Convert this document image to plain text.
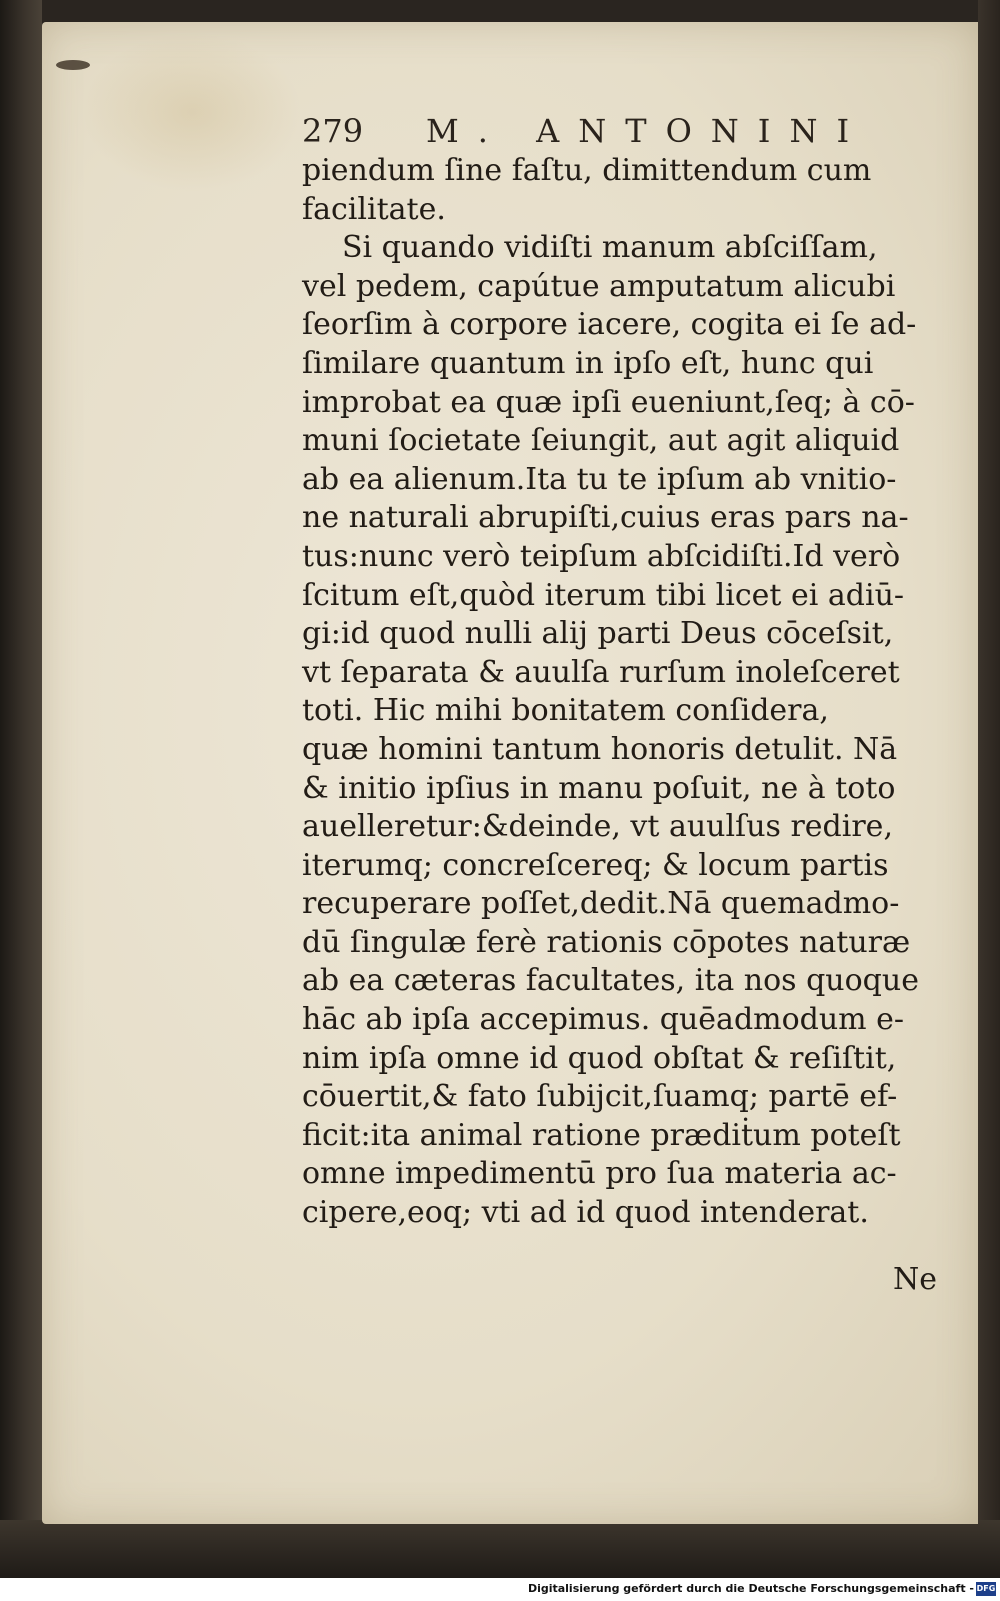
279 M. ANTONINI
piendum ſine faſtu, dimittendum cum
facilitate.
Si quando vidiſti manum abſciſſam,
vel pedem, capútue amputatum alicubi
ſeorſim à corpore iacere, cogita ei ſe ad-
ſimilare quantum in ipſo eſt, hunc qui
improbat ea quæ ipſi eueniunt,ſeq; à cō-
muni ſocietate ſeiungit, aut agit aliquid
ab ea alienum.Ita tu te ipſum ab vnitio-
ne naturali abrupiſti,cuius eras pars na-
tus:nunc verò teipſum abſcidiſti.Id verò
ſcitum eſt,quòd iterum tibi licet ei adiū-
gi:id quod nulli alij parti Deus cōceſsit,
vt ſeparata & auulſa rurſum inoleſceret
toti. Hic mihi bonitatem conſidera,
quæ homini tantum honoris detulit. Nā
& initio ipſius in manu poſuit, ne à toto
auelleretur:&deinde, vt auulſus redire,
iterumq; concreſcereq; & locum partis
recuperare poſſet,dedit.Nā quemadmo-
dū ſingulæ ferè rationis cōpotes naturæ
ab ea cæteras facultates, ita nos quoque
hāc ab ipſa accepimus. quēadmodum e-
nim ipſa omne id quod obſtat & reſiſtit,
cōuertit,& fato ſubijcit,ſuamq; partē ef-
ficit:ita animal ratione prædiṫum poteſt
omne impedimentū pro ſua materia ac-
cipere,eoq; vti ad id quod intenderat.
Ne
Digitalisierung gefördert durch die Deutsche Forschungsgemeinschaft - DFG
